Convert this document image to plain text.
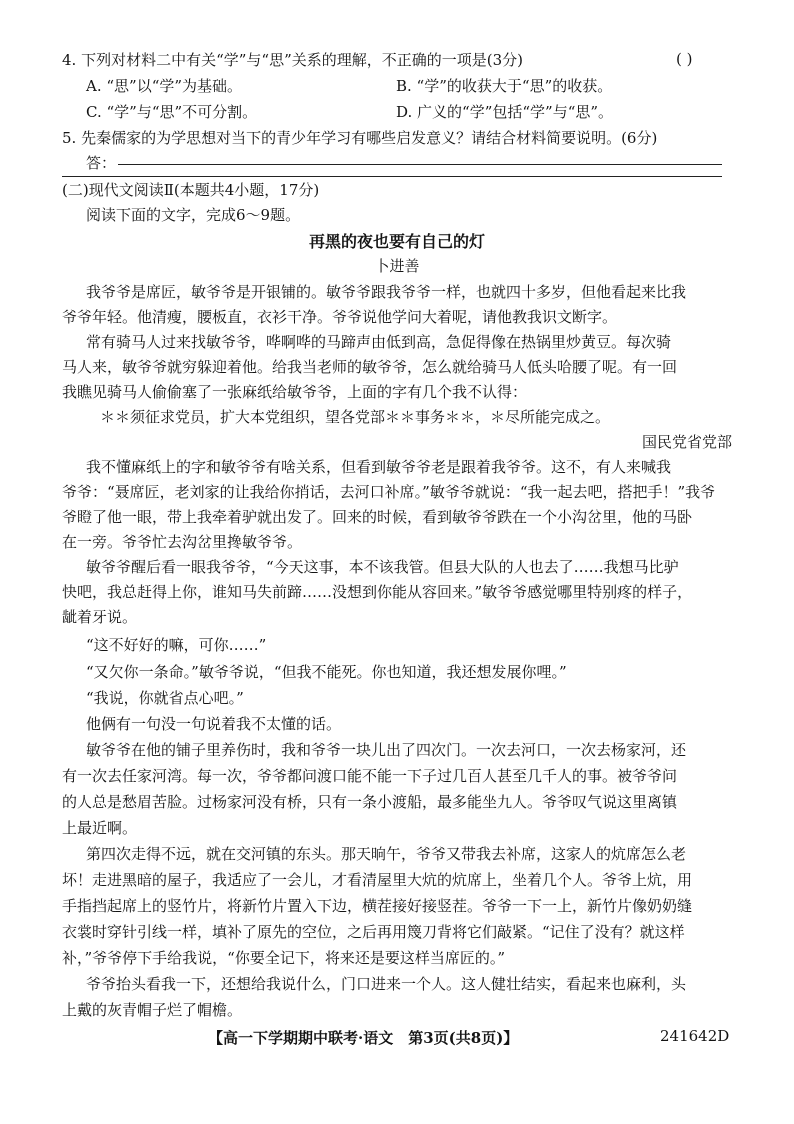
4. 下列对材料二中有关“学”与“思”关系的理解，不正确的一项是(3分)	( )
A. “思”以“学”为基础。	B. “学”的收获大于“思”的收获。
C. “学”与“思”不可分割。	D. 广义的“学”包括“学”与“思”。
5. 先秦儒家的为学思想对当下的青少年学习有哪些启发意义？请结合材料简要说明。(6分)
答：
(二)现代文阅读Ⅱ(本题共4小题，17分)
阅读下面的文字，完成6～9题。
再黑的夜也要有自己的灯
卜进善
我爷爷是席匠，敏爷爷是开银铺的。敏爷爷跟我爷爷一样，也就四十多岁，但他看起来比我
爷爷年轻。他清瘦，腰板直，衣衫干净。爷爷说他学问大着呢，请他教我识文断字。
常有骑马人过来找敏爷爷，哗啊哗的马蹄声由低到高，急促得像在热锅里炒黄豆。每次骑
马人来，敏爷爷就穷躲迎着他。给我当老师的敏爷爷，怎么就给骑马人低头哈腰了呢。有一回
我瞧见骑马人偷偷塞了一张麻纸给敏爷爷，上面的字有几个我不认得：
＊＊须征求党员，扩大本党组织，望各党部＊＊事务＊＊，＊尽所能完成之。
国民党省党部
我不懂麻纸上的字和敏爷爷有啥关系，但看到敏爷爷老是跟着我爷爷。这不，有人来喊我
爷爷：“聂席匠，老刘家的让我给你捎话，去河口补席。”敏爷爷就说：“我一起去吧，搭把手！”我爷
爷瞪了他一眼，带上我牵着驴就出发了。回来的时候，看到敏爷爷跌在一个小沟岔里，他的马卧
在一旁。爷爷忙去沟岔里搀敏爷爷。
敏爷爷醒后看一眼我爷爷，“今天这事，本不该我管。但县大队的人也去了……我想马比驴
快吧，我总赶得上你，谁知马失前蹄……没想到你能从容回来。”敏爷爷感觉哪里特别疼的样子，
龇着牙说。
“这不好好的嘛，可你……”
“又欠你一条命。”敏爷爷说，“但我不能死。你也知道，我还想发展你哩。”
“我说，你就省点心吧。”
他俩有一句没一句说着我不太懂的话。
敏爷爷在他的铺子里养伤时，我和爷爷一块儿出了四次门。一次去河口，一次去杨家河，还
有一次去任家河湾。每一次，爷爷都问渡口能不能一下子过几百人甚至几千人的事。被爷爷问
的人总是愁眉苦脸。过杨家河没有桥，只有一条小渡船，最多能坐九人。爷爷叹气说这里离镇
上最近啊。
第四次走得不远，就在交河镇的东头。那天晌午，爷爷又带我去补席，这家人的炕席怎么老
坏！走进黑暗的屋子，我适应了一会儿，才看清屋里大炕的炕席上，坐着几个人。爷爷上炕，用
手指挡起席上的竖竹片，将新竹片置入下边，横茬接好接竖茬。爷爷一下一上，新竹片像奶奶缝
衣裳时穿针引线一样，填补了原先的空位，之后再用篾刀背将它们敲紧。“记住了没有？就这样
补，”爷爷停下手给我说，“你要全记下，将来还是要这样当席匠的。”
爷爷抬头看我一下，还想给我说什么，门口进来一个人。这人健壮结实，看起来也麻利，头
上戴的灰青帽子烂了帽檐。
【高一下学期期中联考·语文　第3页(共8页)】	241642D
